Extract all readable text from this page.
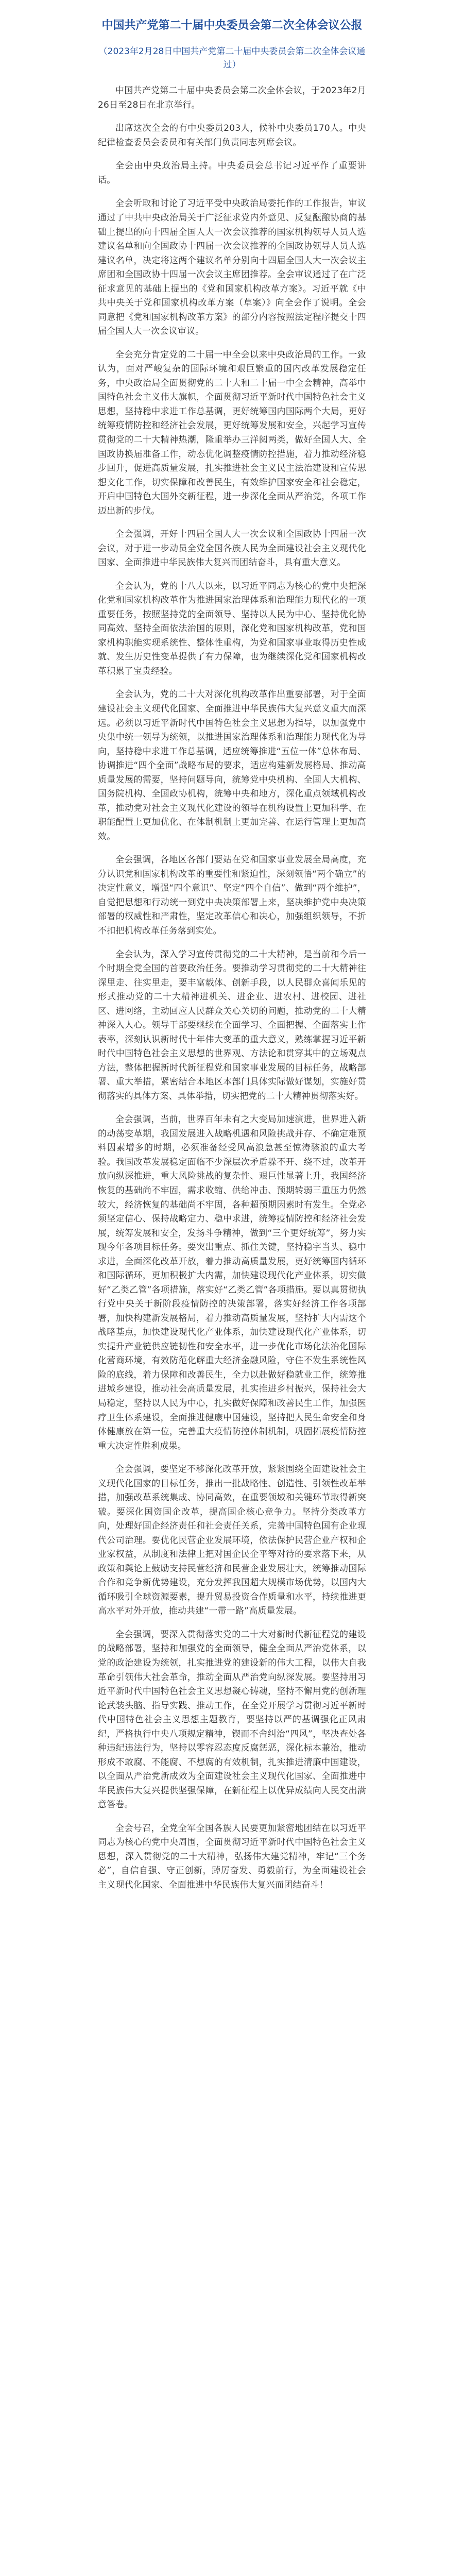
中国共产党第二十届中央委员会第二次全体会议公报
（2023年2月28日中国共产党第二十届中央委员会第二次全体会议通过）

中国共产党第二十届中央委员会第二次全体会议，于2023年2月26日至28日在北京举行。

出席这次全会的有中央委员203人，候补中央委员170人。中央纪律检查委员会委员和有关部门负责同志列席会议。

全会由中央政治局主持。中央委员会总书记习近平作了重要讲话。

全会听取和讨论了习近平受中央政治局委托作的工作报告，审议通过了中共中央政治局关于广泛征求党内外意见、反复酝酿协商的基础上提出的向十四届全国人大一次会议推荐的国家机构领导人员人选建议名单和向全国政协十四届一次会议推荐的全国政协领导人员人选建议名单，决定将这两个建议名单分别向十四届全国人大一次会议主席团和全国政协十四届一次会议主席团推荐。全会审议通过了在广泛征求意见的基础上提出的《党和国家机构改革方案》。习近平就《中共中央关于党和国家机构改革方案（草案）》向全会作了说明。全会同意把《党和国家机构改革方案》的部分内容按照法定程序提交十四届全国人大一次会议审议。

全会充分肯定党的二十届一中全会以来中央政治局的工作。一致认为，面对严峻复杂的国际环境和艰巨繁重的国内改革发展稳定任务，中央政治局全面贯彻党的二十大和二十届一中全会精神，高举中国特色社会主义伟大旗帜，全面贯彻习近平新时代中国特色社会主义思想，坚持稳中求进工作总基调，更好统筹国内国际两个大局，更好统筹疫情防控和经济社会发展，更好统筹发展和安全，兴起学习宣传贯彻党的二十大精神热潮，隆重举办三洋阅两类，做好全国人大、全国政协换届准备工作，动态优化调整疫情防控措施，着力推动经济稳步回升，促进高质量发展，扎实推进社会主义民主法治建设和宣传思想文化工作，切实保障和改善民生，有效维护国家安全和社会稳定，开启中国特色大国外交新征程，进一步深化全面从严治党，各项工作迈出新的步伐。

全会强调，开好十四届全国人大一次会议和全国政协十四届一次会议，对于进一步动员全党全国各族人民为全面建设社会主义现代化国家、全面推进中华民族伟大复兴而团结奋斗，具有重大意义。

全会认为，党的十八大以来，以习近平同志为核心的党中央把深化党和国家机构改革作为推进国家治理体系和治理能力现代化的一项重要任务，按照坚持党的全面领导、坚持以人民为中心、坚持优化协同高效、坚持全面依法治国的原则，深化党和国家机构改革，党和国家机构职能实现系统性、整体性重构，为党和国家事业取得历史性成就、发生历史性变革提供了有力保障，也为继续深化党和国家机构改革积累了宝贵经验。

全会认为，党的二十大对深化机构改革作出重要部署，对于全面建设社会主义现代化国家、全面推进中华民族伟大复兴意义重大而深远。必须以习近平新时代中国特色社会主义思想为指导，以加强党中央集中统一领导为统领，以推进国家治理体系和治理能力现代化为导向，坚持稳中求进工作总基调，适应统筹推进“五位一体”总体布局、协调推进“四个全面”战略布局的要求，适应构建新发展格局、推动高质量发展的需要，坚持问题导向，统筹党中央机构、全国人大机构、国务院机构、全国政协机构，统筹中央和地方，深化重点领域机构改革，推动党对社会主义现代化建设的领导在机构设置上更加科学、在职能配置上更加优化、在体制机制上更加完善、在运行管理上更加高效。

全会强调，各地区各部门要站在党和国家事业发展全局高度，充分认识党和国家机构改革的重要性和紧迫性，深刻领悟“两个确立”的决定性意义，增强“四个意识”、坚定“四个自信”、做到“两个维护”，自觉把思想和行动统一到党中央决策部署上来，坚决维护党中央决策部署的权威性和严肃性，坚定改革信心和决心，加强组织领导，不折不扣把机构改革任务落到实处。

全会认为，深入学习宣传贯彻党的二十大精神，是当前和今后一个时期全党全国的首要政治任务。要推动学习贯彻党的二十大精神往深里走、往实里走，要丰富载体、创新手段，以人民群众喜闻乐见的形式推动党的二十大精神进机关、进企业、进农村、进校园、进社区、进网络，主动回应人民群众关心关切的问题，推动党的二十大精神深入人心。领导干部要继续在全面学习、全面把握、全面落实上作表率，深刻认识新时代十年伟大变革的重大意义，熟练掌握习近平新时代中国特色社会主义思想的世界观、方法论和贯穿其中的立场观点方法，整体把握新时代新征程党和国家事业发展的目标任务，战略部署、重大举措，紧密结合本地区本部门具体实际做好谋划，实施好贯彻落实的具体方案、具体举措，切实把党的二十大精神贯彻落实好。

全会强调，当前，世界百年未有之大变局加速演进，世界进入新的动荡变革期，我国发展进入战略机遇和风险挑战并存、不确定难预料因素增多的时期，必须准备经受风高浪急甚至惊涛骇浪的重大考验。我国改革发展稳定面临不少深层次矛盾躲不开、绕不过，改革开放向纵深推进，重大风险挑战的复杂性、艰巨性显著上升，我国经济恢复的基础尚不牢固，需求收缩、供给冲击、预期转弱三重压力仍然较大，经济恢复的基础尚不牢固，各种超预期因素时有发生。全党必须坚定信心、保持战略定力、稳中求进，统筹疫情防控和经济社会发展，统筹发展和安全，发扬斗争精神，做到“三个更好统筹”，努力实现今年各项目标任务。要突出重点、抓住关键，坚持稳字当头、稳中求进，全面深化改革开放，着力推动高质量发展，更好统筹国内循环和国际循环，更加积极扩大内需，加快建设现代化产业体系，切实做好“乙类乙管”各项措施，落实好“乙类乙管”各项措施。要以真贯彻执行党中央关于新阶段疫情防控的决策部署，落实好经济工作各项部署，加快构建新发展格局，着力推动高质量发展，坚持扩大内需这个战略基点，加快建设现代化产业体系，加快建设现代化产业体系，切实提升产业链供应链韧性和安全水平，进一步优化市场化法治化国际化营商环境，有效防范化解重大经济金融风险，守住不发生系统性风险的底线，着力保障和改善民生，全力以赴做好稳就业工作，统筹推进城乡建设，推动社会高质量发展，扎实推进乡村振兴，保持社会大局稳定，坚持以人民为中心，扎实做好保障和改善民生工作，加强医疗卫生体系建设，全面推进健康中国建设，坚持把人民生命安全和身体健康放在第一位，完善重大疫情防控体制机制，巩固拓展疫情防控重大决定性胜利成果。

全会强调，要坚定不移深化改革开放，紧紧围绕全面建设社会主义现代化国家的目标任务，推出一批战略性、创造性、引领性改革举措，加强改革系统集成、协同高效，在重要领域和关键环节取得新突破。要深化国资国企改革，提高国企核心竞争力。坚持分类改革方向，处理好国企经济责任和社会责任关系，完善中国特色国有企业现代公司治理。要优化民营企业发展环境，依法保护民营企业产权和企业家权益，从制度和法律上把对国企民企平等对待的要求落下来，从政策和舆论上鼓励支持民营经济和民营企业发展壮大，统筹推动国际合作和竞争新优势建设，充分发挥我国超大规模市场优势，以国内大循环吸引全球资源要素，提升贸易投资合作质量和水平，持续推进更高水平对外开放，推动共建“一带一路”高质量发展。

全会强调，要深入贯彻落实党的二十大对新时代新征程党的建设的战略部署，坚持和加强党的全面领导，健全全面从严治党体系，以党的政治建设为统领，扎实推进党的建设新的伟大工程，以伟大自我革命引领伟大社会革命，推动全面从严治党向纵深发展。要坚持用习近平新时代中国特色社会主义思想凝心铸魂，坚持不懈用党的创新理论武装头脑、指导实践、推动工作，在全党开展学习贯彻习近平新时代中国特色社会主义思想主题教育，要坚持以严的基调强化正风肃纪，严格执行中央八项规定精神，锲而不舍纠治“四风”，坚决查处各种违纪违法行为，坚持以零容忍态度反腐惩恶，深化标本兼治，推动形成不敢腐、不能腐、不想腐的有效机制，扎实推进清廉中国建设，以全面从严治党新成效为全面建设社会主义现代化国家、全面推进中华民族伟大复兴提供坚强保障，在新征程上以优异成绩向人民交出满意答卷。

全会号召，全党全军全国各族人民要更加紧密地团结在以习近平同志为核心的党中央周围，全面贯彻习近平新时代中国特色社会主义思想，深入贯彻党的二十大精神，弘扬伟大建党精神，牢记“三个务必”，自信自强、守正创新，踔厉奋发、勇毅前行，为全面建设社会主义现代化国家、全面推进中华民族伟大复兴而团结奋斗！
